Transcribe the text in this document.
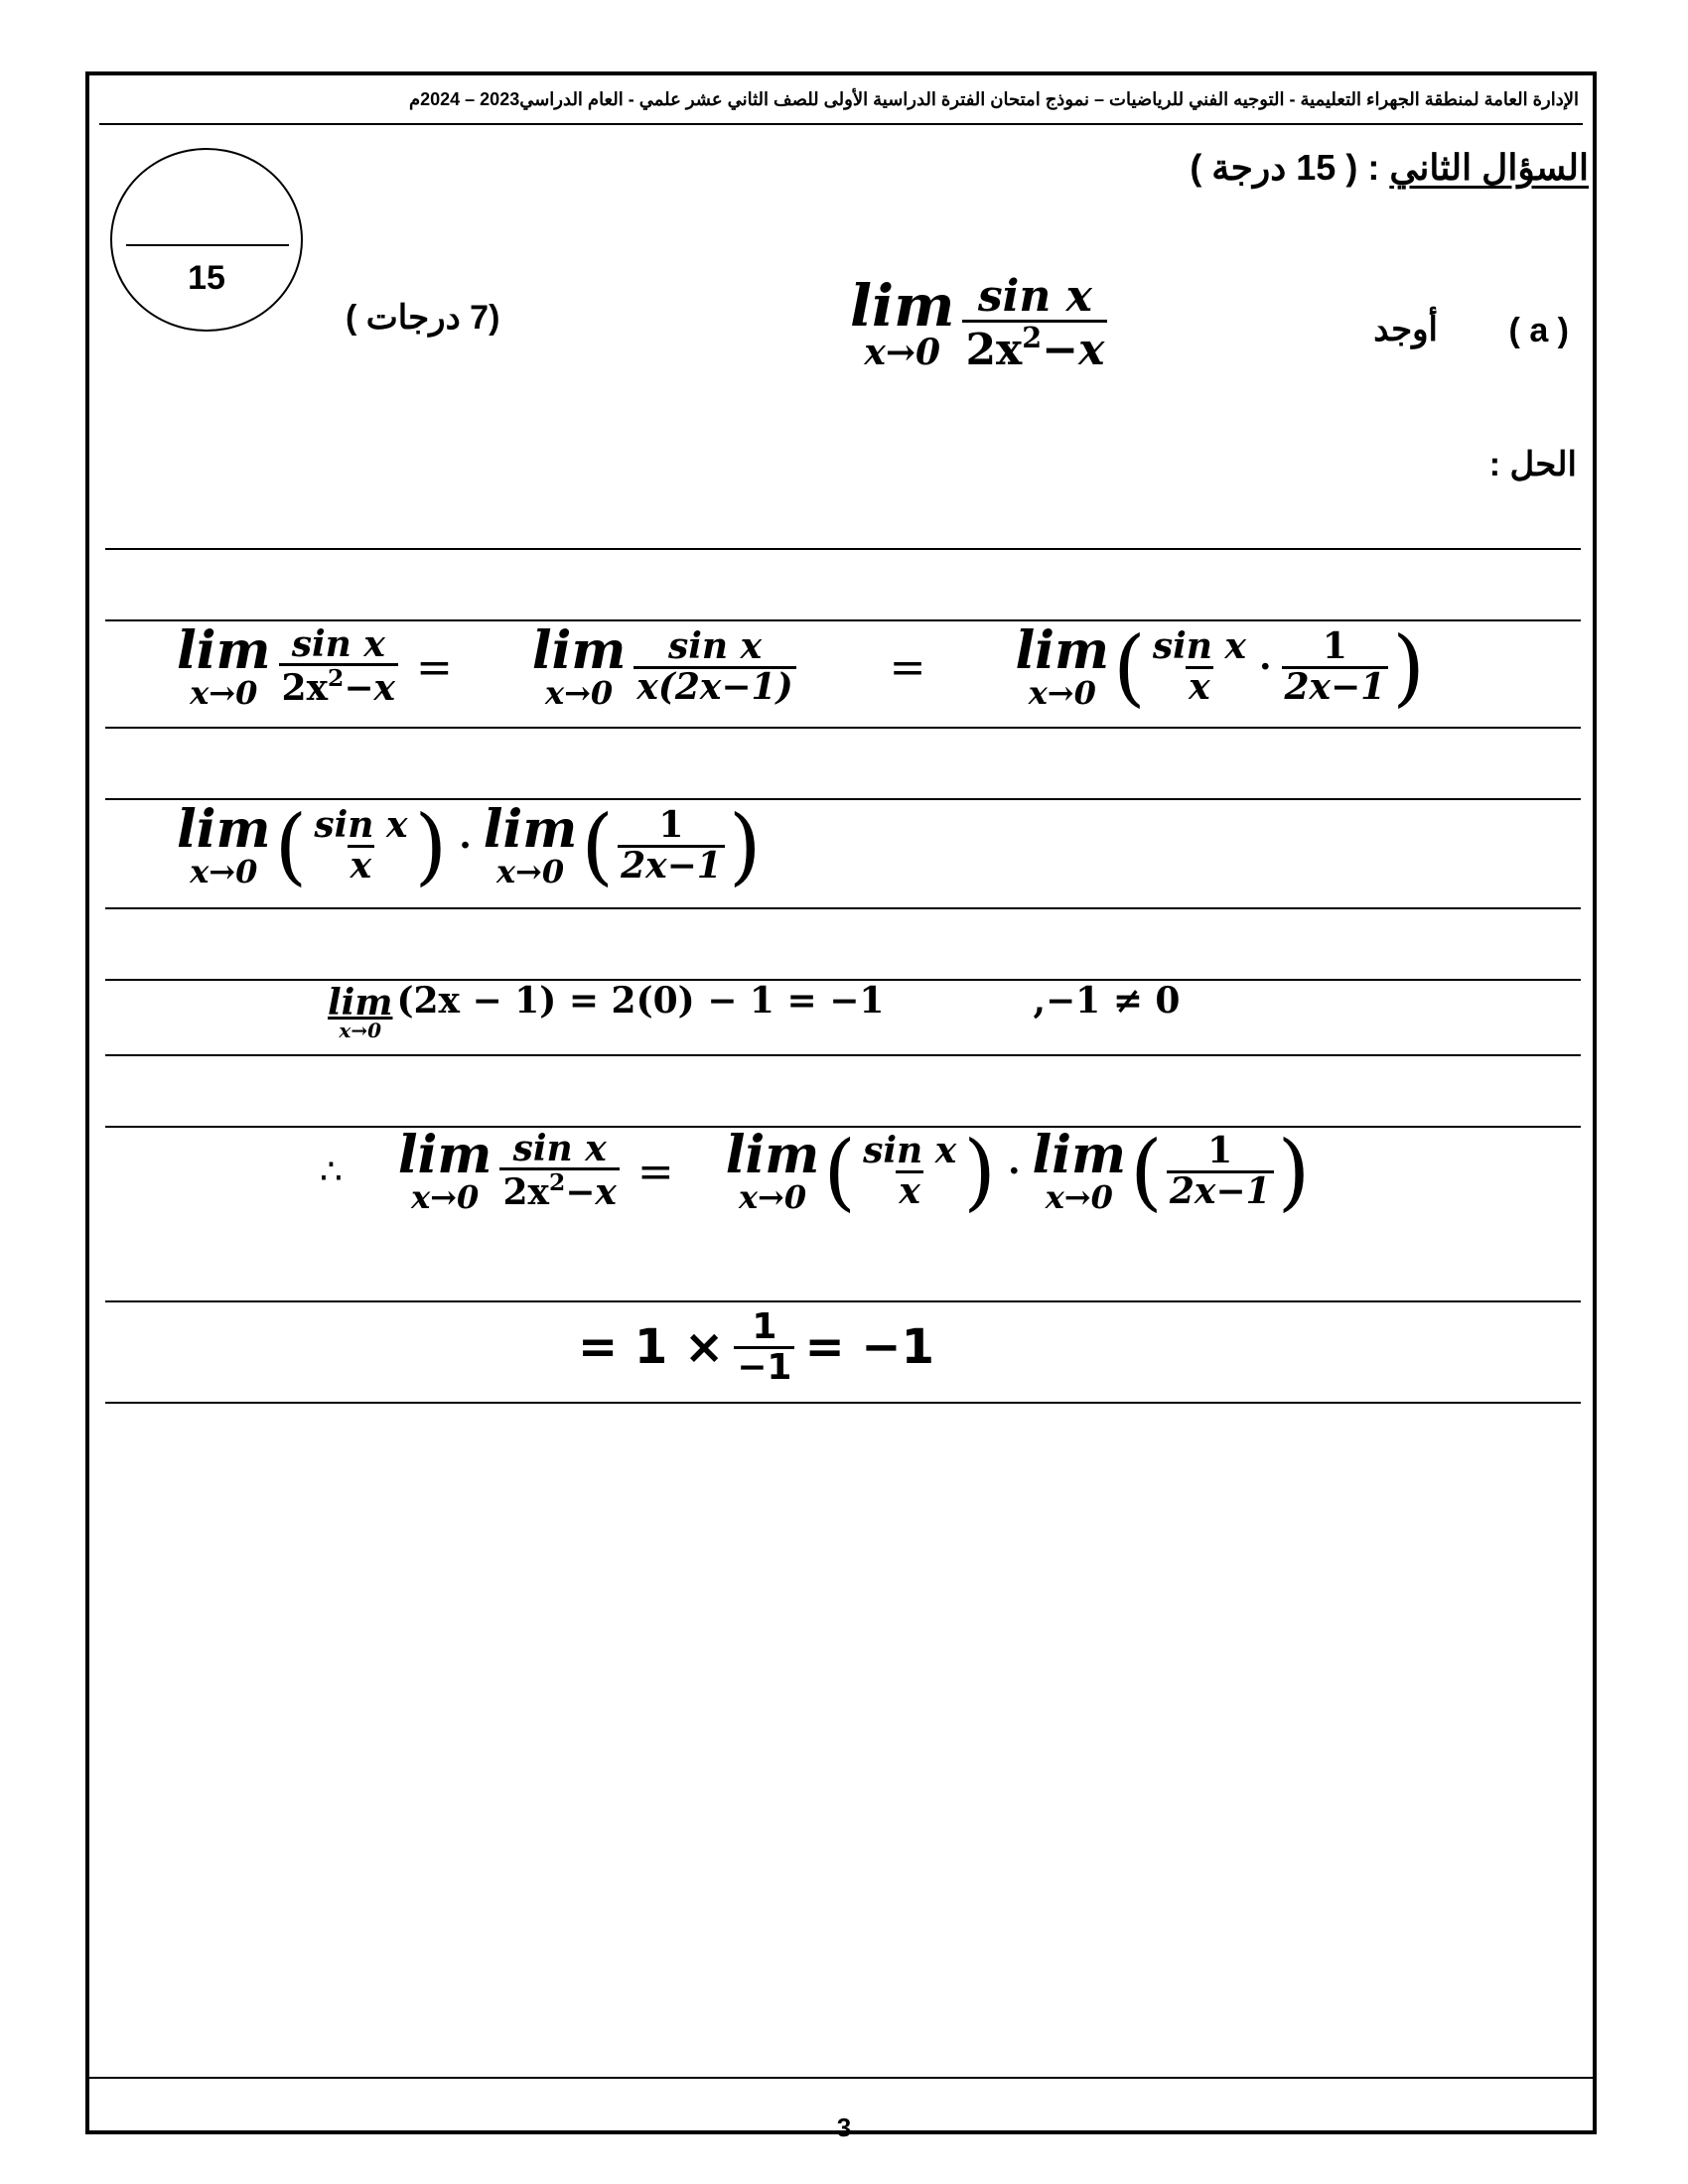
الإدارة العامة لمنطقة الجهراء التعليمية - التوجيه الفني للرياضيات – نموذج امتحان الفترة الدراسية الأولى للصف الثاني عشر علمي - العام الدراسي2023 – 2024م
السؤال الثاني : ( 15 درجة )
15
(7 درجات )	( a )
أوجد
lim
$x\to 0 \frac{\text{sin x}}{2x^2-x}$
الحل :
lim
$x\to 0 \frac{\text{sin x}}{2x^2-x} = \lim$
$x\to 0 \frac{\text{sin x}}{x(2x-1)} = \lim$
x→0 ( $\frac{\text{sin x}}{x} \cdot \frac{1}{2x-1}$ )
lim
x→0 ( $\frac{\text{sin x}}{x}$ ) · lim
x→0 ( $\frac{1}{2x-1}$ )
lim
x→0
(2x − 1) = 2(0) − 1 = −1	,−1 ≠ 0
∴ lim
$x\to 0 \frac{\text{sin x}}{2x^2-x} = \lim$
x→0 ( $\frac{\text{sin x}}{x}$ ) · lim
x→0 ( $\frac{1}{2x-1}$ )
= $1 \times \frac{1}{-1} = -1$
3
